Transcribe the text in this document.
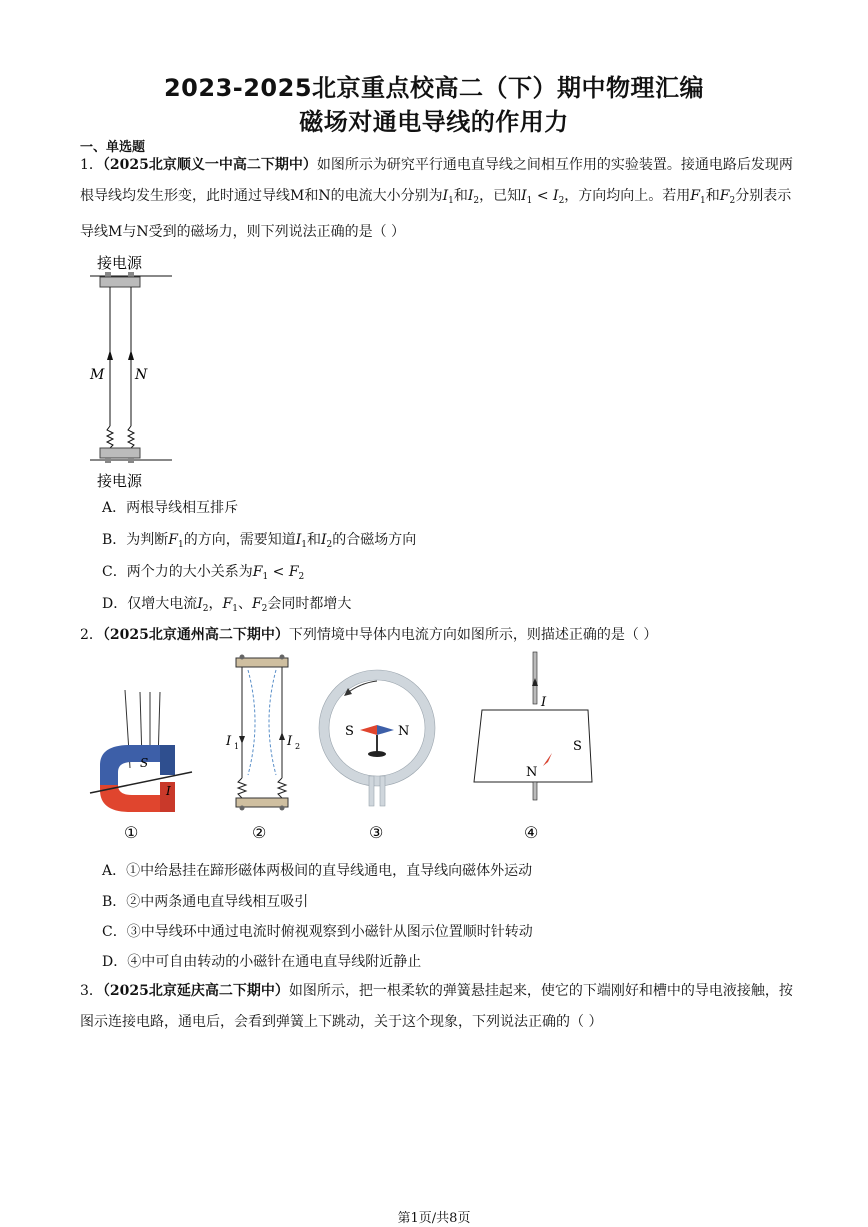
2023-2025北京重点校高二（下）期中物理汇编
磁场对通电导线的作用力
一、单选题
1．（2025北京顺义一中高二下期中）如图所示为研究平行通电直导线之间相互作用的实验装置。接通电路后发现两根导线均发生形变，此时通过导线M和N的电流大小分别为$I_1$和$I_2$，已知$I_1 < I_2$，方向均向上。若用$F_1$和$F_2$分别表示导线M与N受到的磁场力，则下列说法正确的是（ ）
接电源
M N
接电源
A．两根导线相互排斥
B．为判断$F_1$的方向，需要知道$I_1$和$I_2$的合磁场方向
C．两个力的大小关系为$F_1 < F_2$
D．仅增大电流$I_2$，$F_1$、$F_2$会同时都增大
2．（2025北京通州高二下期中）下列情境中导体内电流方向如图所示，则描述正确的是（ ）
S
I
①
I 1	I 2
②
S	N
③
I
N
S
④
A．①中给悬挂在蹄形磁体两极间的直导线通电，直导线向磁体外运动
B．②中两条通电直导线相互吸引
C．③中导线环中通过电流时俯视观察到小磁针从图示位置顺时针转动
D．④中可自由转动的小磁针在通电直导线附近静止
3．（2025北京延庆高二下期中）如图所示，把一根柔软的弹簧悬挂起来，使它的下端刚好和槽中的导电液接触，按图示连接电路，通电后，会看到弹簧上下跳动，关于这个现象，下列说法正确的（ ）
第1页/共8页
